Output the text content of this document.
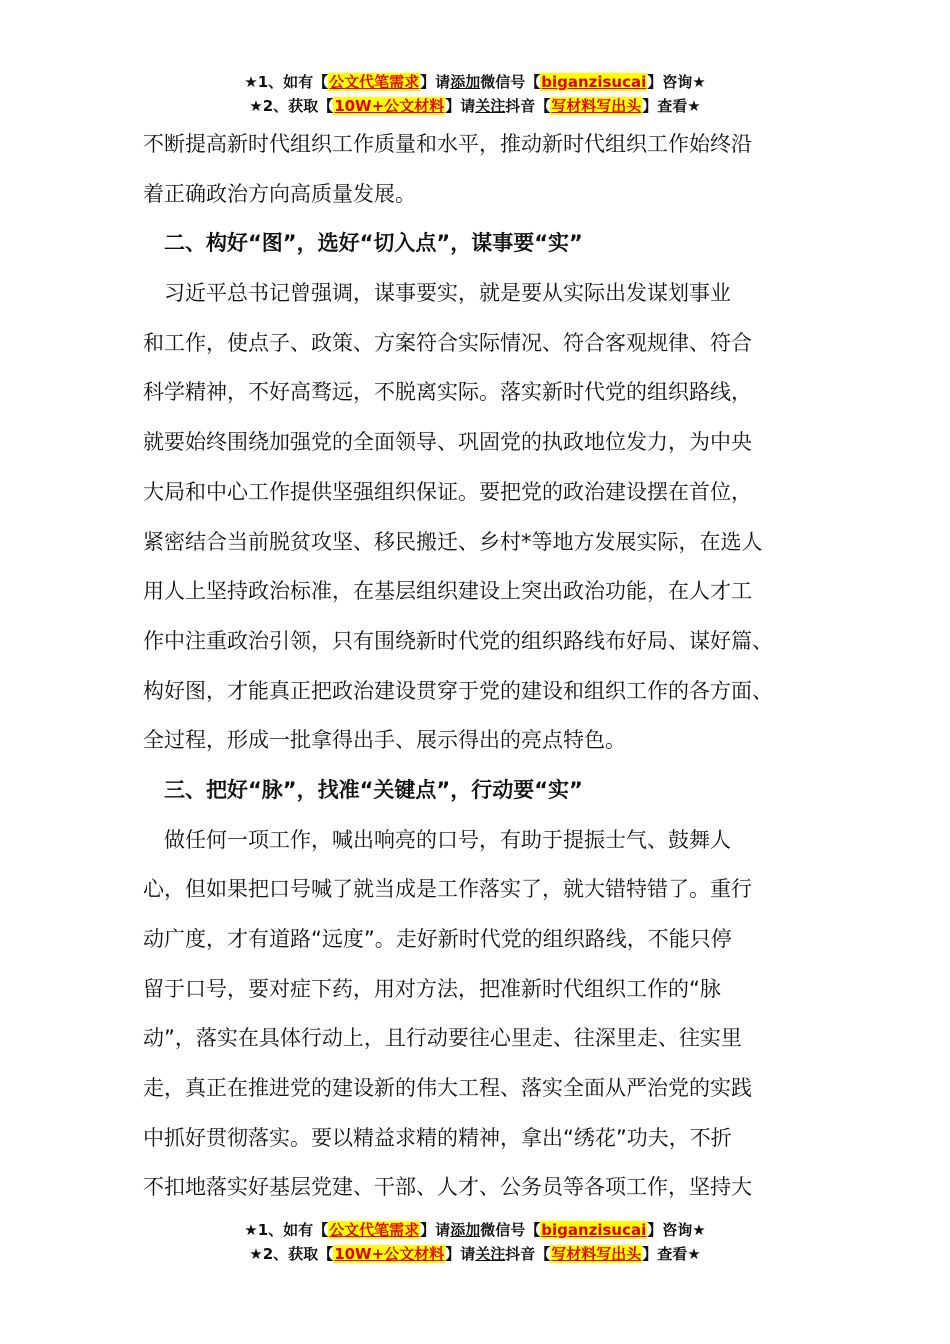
★1、如有【公文代笔需求】请添加微信号【biganzisucai】咨询★
★2、获取【10W+公文材料】请关注抖音【写材料写出头】查看★
不断提高新时代组织工作质量和水平，推动新时代组织工作始终沿
着正确政治方向高质量发展。
　二、构好“图”，选好“切入点”，谋事要“实”
　习近平总书记曾强调，谋事要实，就是要从实际出发谋划事业
和工作，使点子、政策、方案符合实际情况、符合客观规律、符合
科学精神，不好高骛远，不脱离实际。落实新时代党的组织路线，
就要始终围绕加强党的全面领导、巩固党的执政地位发力，为中央
大局和中心工作提供坚强组织保证。要把党的政治建设摆在首位，
紧密结合当前脱贫攻坚、移民搬迁、乡村*等地方发展实际，在选人
用人上坚持政治标准，在基层组织建设上突出政治功能，在人才工
作中注重政治引领，只有围绕新时代党的组织路线布好局、谋好篇、
构好图，才能真正把政治建设贯穿于党的建设和组织工作的各方面、
全过程，形成一批拿得出手、展示得出的亮点特色。
　三、把好“脉”，找准“关键点”，行动要“实”
　做任何一项工作，喊出响亮的口号，有助于提振士气、鼓舞人
心，但如果把口号喊了就当成是工作落实了，就大错特错了。重行
动广度，才有道路“远度”。走好新时代党的组织路线，不能只停
留于口号，要对症下药，用对方法，把准新时代组织工作的“脉
动”，落实在具体行动上，且行动要往心里走、往深里走、往实里
走，真正在推进党的建设新的伟大工程、落实全面从严治党的实践
中抓好贯彻落实。要以精益求精的精神，拿出“绣花”功夫，不折
不扣地落实好基层党建、干部、人才、公务员等各项工作，坚持大
★1、如有【公文代笔需求】请添加微信号【biganzisucai】咨询★
★2、获取【10W+公文材料】请关注抖音【写材料写出头】查看★
